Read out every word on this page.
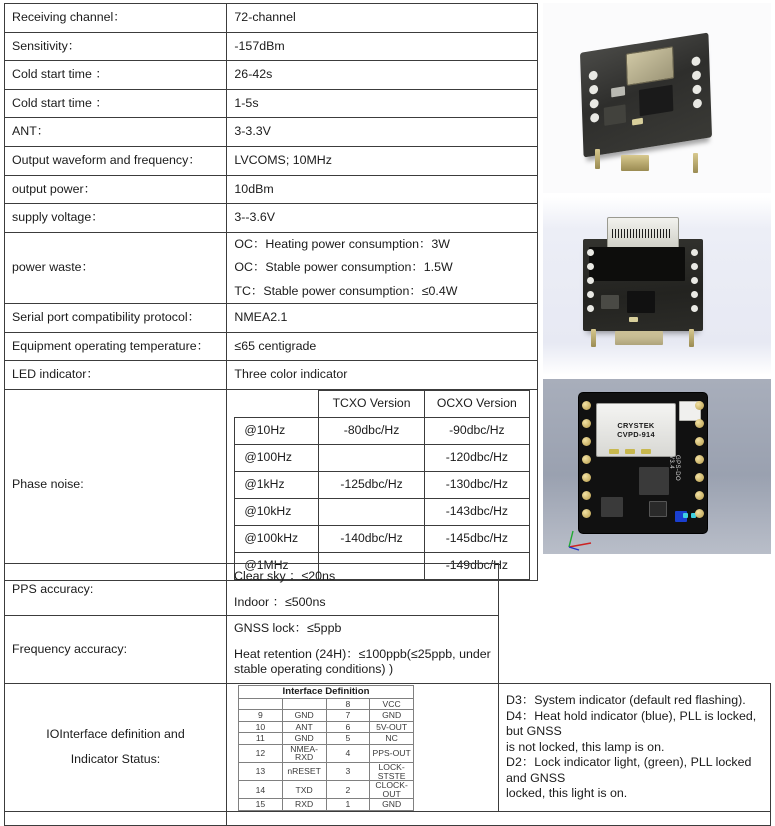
Receiving channel：	72-channel
Sensitivity：	-157dBm
Cold start time ：	26-42s
Cold start time ：	1-5s
ANT：	3-3.3V
Output waveform and frequency：	LVCOMS; 10MHz
output power：	10dBm
supply voltage：	3--3.6V
power waste：	
OC：Heating power consumption：3W
OC：Stable power consumption：1.5W
TC：Stable power consumption：≤0.4W

Serial port compatibility protocol：	NMEA2.1
Equipment operating temperature：	≤65 centigrade
LED indicator：	Three color indicator
Phase noise:	
	TCXO Version	OCXO Version
@10Hz	-80dbc/Hz	-90dbc/Hz
@100Hz		-120dbc/Hz
@1kHz	-125dbc/Hz	-130dbc/Hz
@10kHz		-143dbc/Hz
@100kHz	-140dbc/Hz	-145dbc/Hz
@1MHz		-149dbc/Hz
PPS accuracy:	
Clear sky ：≤20ns
Indoor ：≤500ns

Frequency accuracy:	
GNSS lock：≤5ppb
Heat retention (24H)：≤100ppb(≤25ppb, under stable operating conditions) )

IOInterface definition and
Indicator Status:

Interface Definition
		8	VCC
9	GND	7	GND
10	ANT	6	5V-OUT
11	GND	5	NC
12	NMEA-RXD	4	PPS-OUT
13	nRESET	3	LOCK-STSTE
14	TXD	2	CLOCK-OUT
15	RXD	1	GND

D3：System indicator (default red flashing).
D4：Heat hold indicator (blue), PLL is locked, but GNSS
is not locked, this lamp is on.
D2：Lock indicator light, (green), PLL locked and GNSS
locked, this light is on.

CRYSTEK
CVPD-914
GPS-DO V3.4
